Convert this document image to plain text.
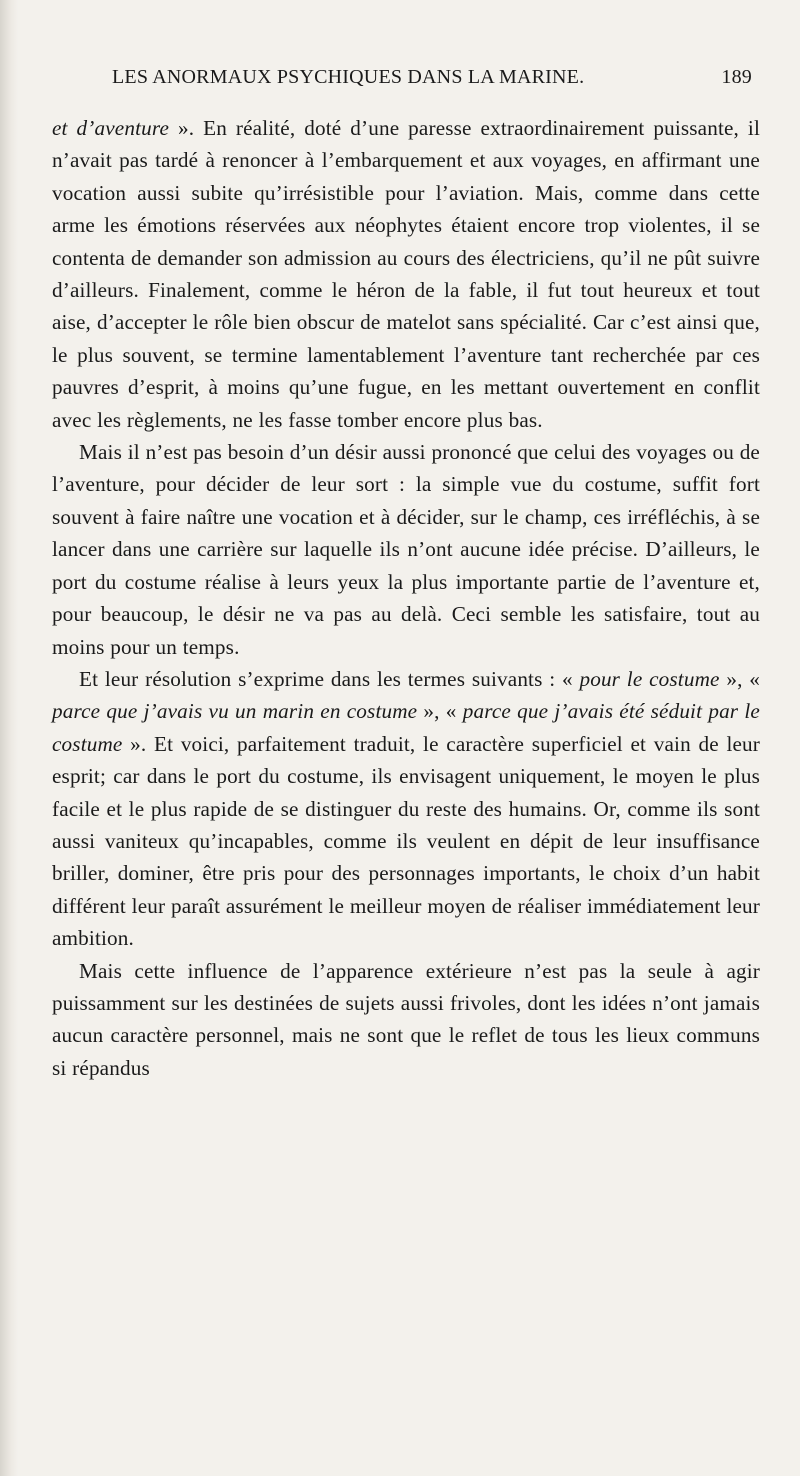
LES ANORMAUX PSYCHIQUES DANS LA MARINE.	189

et d’aventure ». En réalité, doté d’une paresse extraordinairement puissante, il n’avait pas tardé à renoncer à l’embarquement et aux voyages, en affirmant une vocation aussi subite qu’irrésistible pour l’aviation. Mais, comme dans cette arme les émotions réservées aux néophytes étaient encore trop violentes, il se contenta de demander son admission au cours des électriciens, qu’il ne pût suivre d’ailleurs. Finalement, comme le héron de la fable, il fut tout heureux et tout aise, d’accepter le rôle bien obscur de matelot sans spécialité. Car c’est ainsi que, le plus souvent, se termine lamentablement l’aventure tant recherchée par ces pauvres d’esprit, à moins qu’une fugue, en les mettant ouvertement en conflit avec les règlements, ne les fasse tomber encore plus bas.

Mais il n’est pas besoin d’un désir aussi prononcé que celui des voyages ou de l’aventure, pour décider de leur sort : la simple vue du costume, suffit fort souvent à faire naître une vocation et à décider, sur le champ, ces irréfléchis, à se lancer dans une carrière sur laquelle ils n’ont aucune idée précise. D’ailleurs, le port du costume réalise à leurs yeux la plus importante partie de l’aventure et, pour beaucoup, le désir ne va pas au delà. Ceci semble les satisfaire, tout au moins pour un temps.

Et leur résolution s’exprime dans les termes suivants : « pour le costume », « parce que j’avais vu un marin en costume », « parce que j’avais été séduit par le costume ». Et voici, parfaitement traduit, le caractère superficiel et vain de leur esprit; car dans le port du costume, ils envisagent uniquement, le moyen le plus facile et le plus rapide de se distinguer du reste des humains. Or, comme ils sont aussi vaniteux qu’incapables, comme ils veulent en dépit de leur insuffisance briller, dominer, être pris pour des personnages importants, le choix d’un habit différent leur paraît assurément le meilleur moyen de réaliser immédiatement leur ambition.

Mais cette influence de l’apparence extérieure n’est pas la seule à agir puissamment sur les destinées de sujets aussi frivoles, dont les idées n’ont jamais aucun caractère personnel, mais ne sont que le reflet de tous les lieux communs si répandus
